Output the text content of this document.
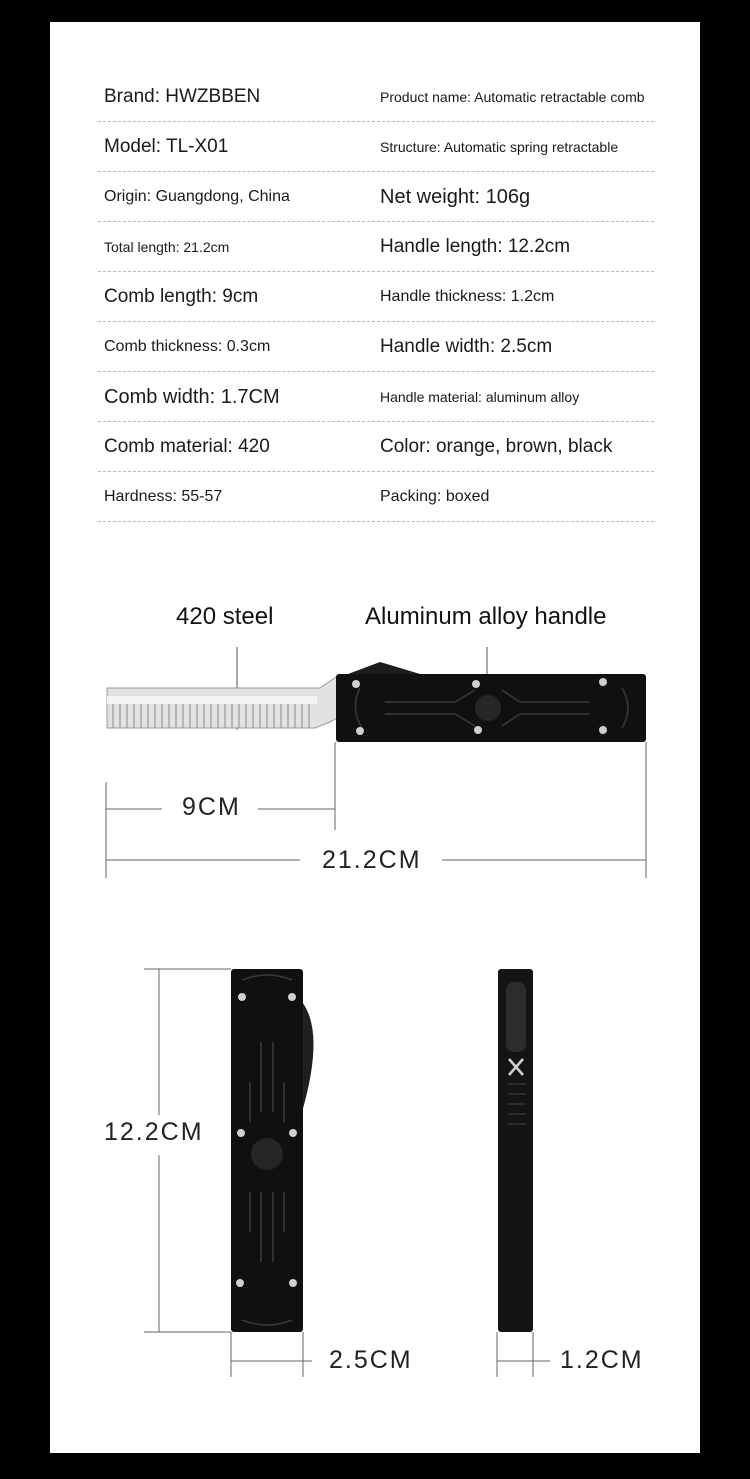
Brand: HWZBBEN	Product name: Automatic retractable comb
Model: TL-X01	Structure: Automatic spring retractable
Origin: Guangdong, China	Net weight: 106g
Total length: 21.2cm	Handle length: 12.2cm
Comb length: 9cm	Handle thickness: 1.2cm
Comb thickness: 0.3cm	Handle width: 2.5cm
Comb width: 1.7CM	Handle material: aluminum alloy
Comb material: 420	Color: orange, brown, black
Hardness: 55-57	Packing: boxed
420 steel	Aluminum alloy handle
9CM
21.2CM
12.2CM
2.5CM	1.2CM
